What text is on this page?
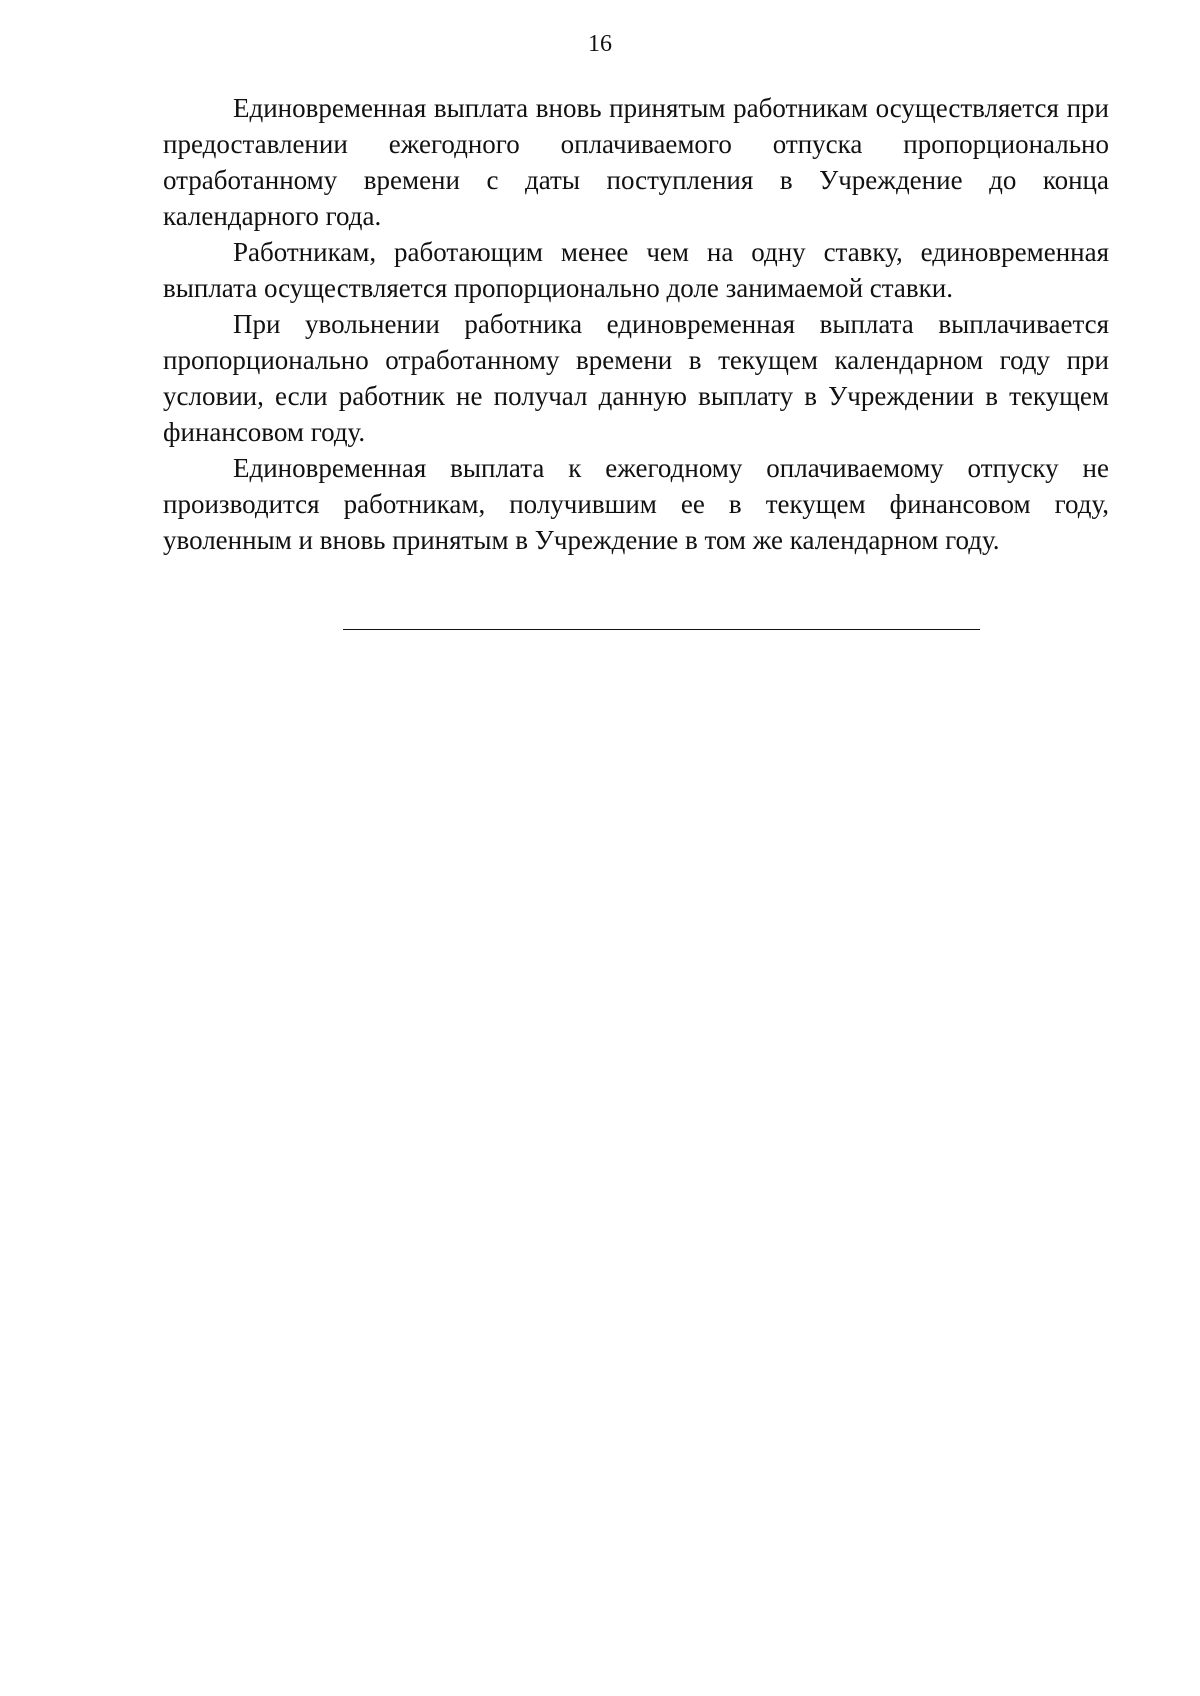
16

Единовременная выплата вновь принятым работникам осуществляется при предоставлении ежегодного оплачиваемого отпуска пропорционально отработанному времени с даты поступления в Учреждение до конца календарного года.

Работникам, работающим менее чем на одну ставку, единовременная выплата осуществляется пропорционально доле занимаемой ставки.

При увольнении работника единовременная выплата выплачивается пропорционально отработанному времени в текущем календарном году при условии, если работник не получал данную выплату в Учреждении в текущем финансовом году.

Единовременная выплата к ежегодному оплачиваемому отпуску не производится работникам, получившим ее в текущем финансовом году, уволенным и вновь принятым в Учреждение в том же календарном году.
